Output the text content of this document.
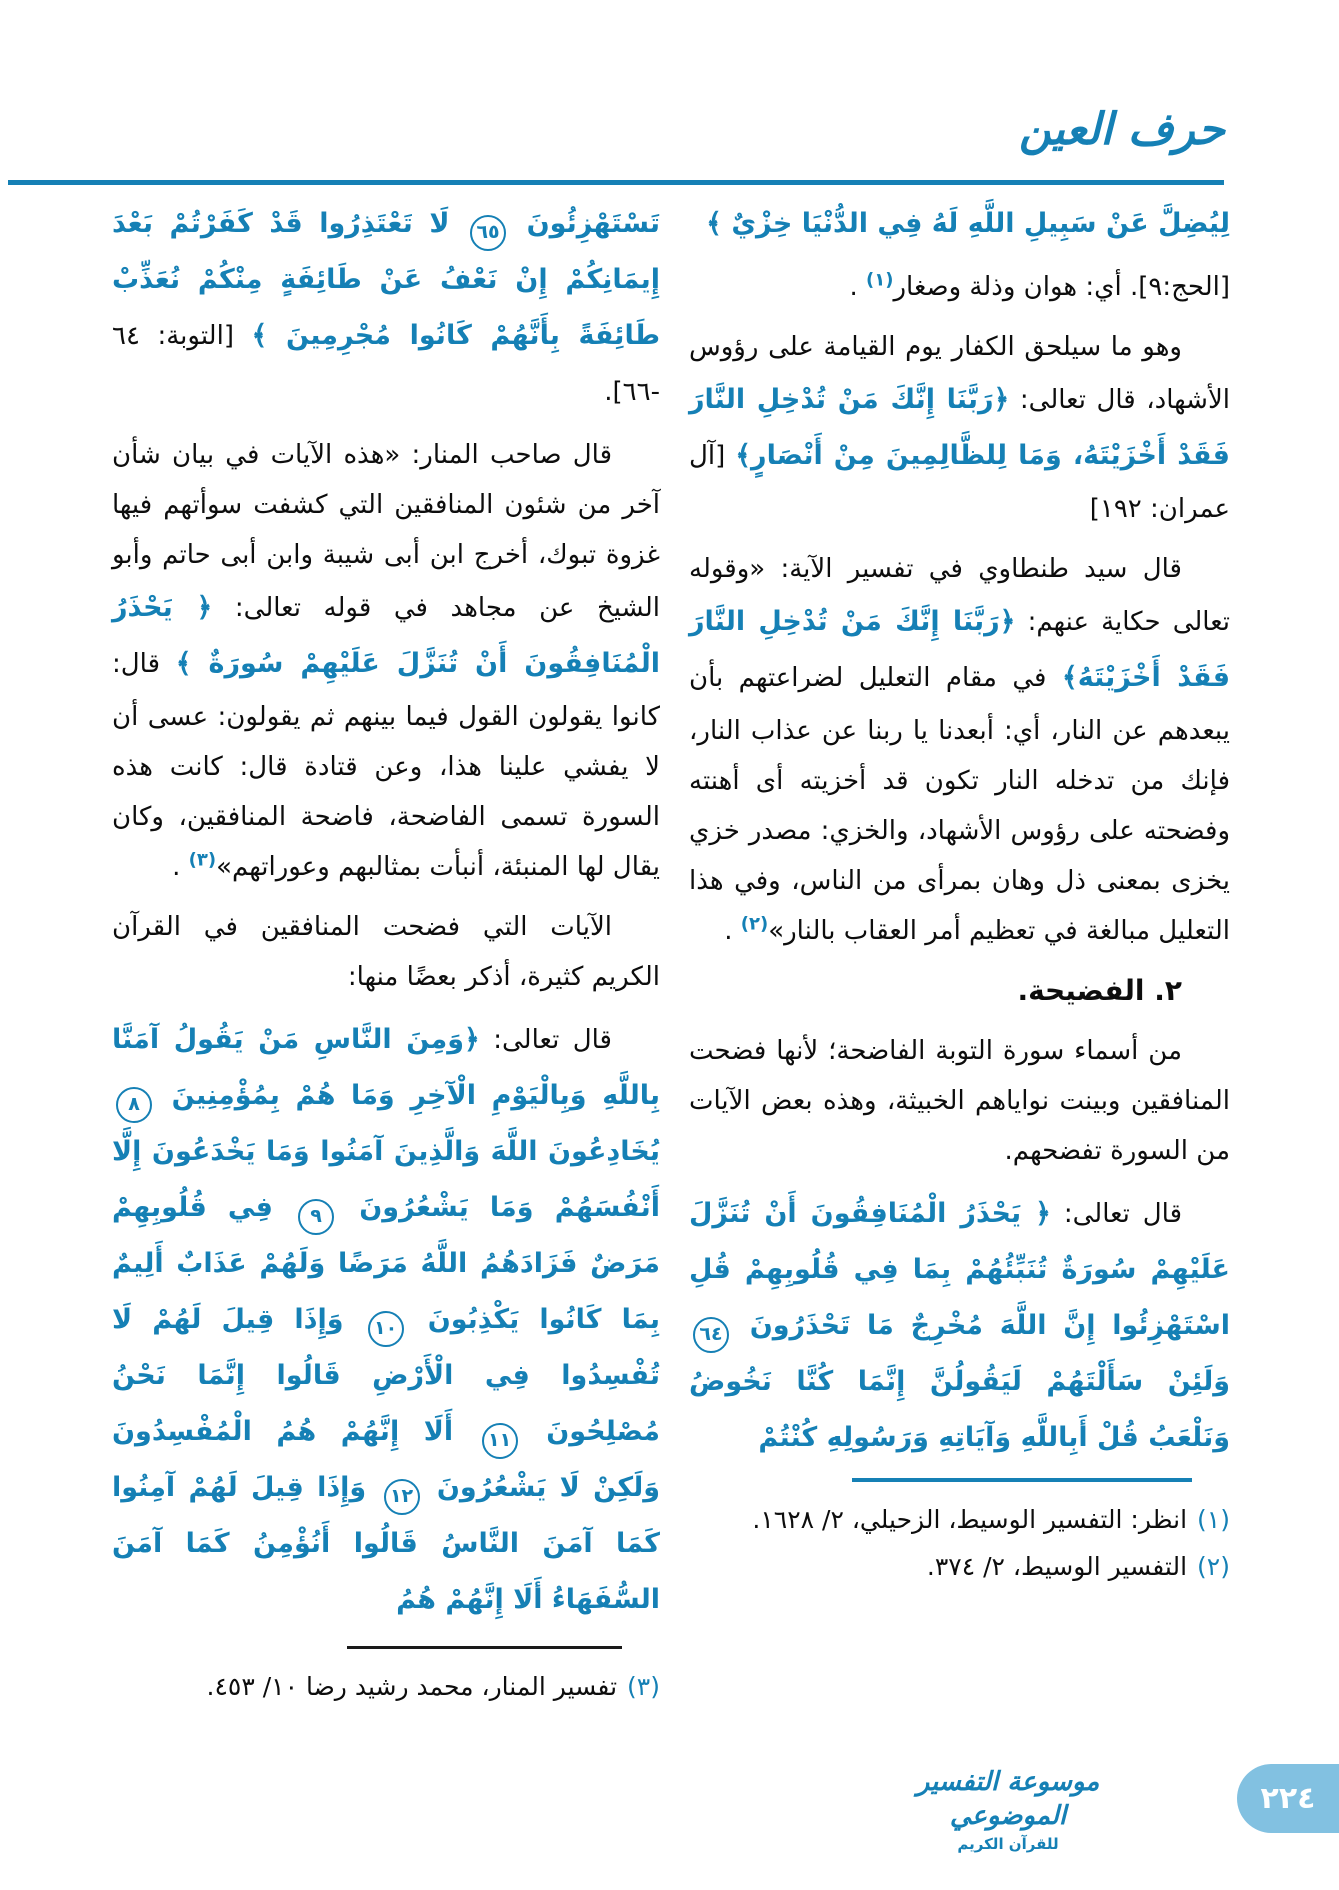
حرف العين

لِيُضِلَّ عَنْ سَبِيلِ اللَّهِ لَهُ فِي الدُّنْيَا خِزْيٌ ﴾

[الحج:٩]. أي: هوان وذلة وصغار$^{(١)}$ .

وهو ما سيلحق الكفار يوم القيامة على رؤوس الأشهاد، قال تعالى: ﴿رَبَّنَا إِنَّكَ مَنْ تُدْخِلِ النَّارَ فَقَدْ أَخْزَيْتَهُ، وَمَا لِلظَّالِمِينَ مِنْ أَنْصَارٍ﴾ [آل عمران: ١٩٢]

قال سيد طنطاوي في تفسير الآية: «وقوله تعالى حكاية عنهم: ﴿رَبَّنَا إِنَّكَ مَنْ تُدْخِلِ النَّارَ فَقَدْ أَخْزَيْتَهُ﴾ في مقام التعليل لضراعتهم بأن يبعدهم عن النار، أي: أبعدنا يا ربنا عن عذاب النار، فإنك من تدخله النار تكون قد أخزيته أى أهنته وفضحته على رؤوس الأشهاد، والخزي: مصدر خزي يخزى بمعنى ذل وهان بمرأى من الناس، وفي هذا التعليل مبالغة في تعظيم أمر العقاب بالنار»$^{(٢)}$ .

٢. الفضيحة.

من أسماء سورة التوبة الفاضحة؛ لأنها فضحت المنافقين وبينت نواياهم الخبيثة، وهذه بعض الآيات من السورة تفضحهم.

قال تعالى: ﴿ يَحْذَرُ الْمُنَافِقُونَ أَنْ تُنَزَّلَ عَلَيْهِمْ سُورَةٌ تُنَبِّئُهُمْ بِمَا فِي قُلُوبِهِمْ قُلِ اسْتَهْزِئُوا إِنَّ اللَّهَ مُخْرِجٌ مَا تَحْذَرُونَ ٦٤ وَلَئِنْ سَأَلْتَهُمْ لَيَقُولُنَّ إِنَّمَا كُنَّا نَخُوضُ وَنَلْعَبُ قُلْ أَبِاللَّهِ وَآيَاتِهِ وَرَسُولِهِ كُنْتُمْ

(١)انظر: التفسير الوسيط، الزحيلي، ٢/ ١٦٢٨.
(٢)التفسير الوسيط، ٢/ ٣٧٤.

تَسْتَهْزِئُونَ ٦٥ لَا تَعْتَذِرُوا قَدْ كَفَرْتُمْ بَعْدَ إِيمَانِكُمْ إِنْ نَعْفُ عَنْ طَائِفَةٍ مِنْكُمْ نُعَذِّبْ طَائِفَةً بِأَنَّهُمْ كَانُوا مُجْرِمِينَ ﴾ [التوبة: ٦٤ -٦٦].

قال صاحب المنار: «هذه الآيات في بيان شأن آخر من شئون المنافقين التي كشفت سوأتهم فيها غزوة تبوك، أخرج ابن أبى شيبة وابن أبى حاتم وأبو الشيخ عن مجاهد في قوله تعالى: ﴿ يَحْذَرُ الْمُنَافِقُونَ أَنْ تُنَزَّلَ عَلَيْهِمْ سُورَةٌ ﴾ قال: كانوا يقولون القول فيما بينهم ثم يقولون: عسى أن لا يفشي علينا هذا، وعن قتادة قال: كانت هذه السورة تسمى الفاضحة، فاضحة المنافقين، وكان يقال لها المنبئة، أنبأت بمثالبهم وعوراتهم»$^{(٣)}$ .

الآيات التي فضحت المنافقين في القرآن الكريم كثيرة، أذكر بعضًا منها:

قال تعالى: ﴿وَمِنَ النَّاسِ مَنْ يَقُولُ آمَنَّا بِاللَّهِ وَبِالْيَوْمِ الْآخِرِ وَمَا هُمْ بِمُؤْمِنِينَ ٨ يُخَادِعُونَ اللَّهَ وَالَّذِينَ آمَنُوا وَمَا يَخْدَعُونَ إِلَّا أَنْفُسَهُمْ وَمَا يَشْعُرُونَ ٩ فِي قُلُوبِهِمْ مَرَضٌ فَزَادَهُمُ اللَّهُ مَرَضًا وَلَهُمْ عَذَابٌ أَلِيمٌ بِمَا كَانُوا يَكْذِبُونَ ١٠ وَإِذَا قِيلَ لَهُمْ لَا تُفْسِدُوا فِي الْأَرْضِ قَالُوا إِنَّمَا نَحْنُ مُصْلِحُونَ ١١ أَلَا إِنَّهُمْ هُمُ الْمُفْسِدُونَ وَلَكِنْ لَا يَشْعُرُونَ ١٢ وَإِذَا قِيلَ لَهُمْ آمِنُوا كَمَا آمَنَ النَّاسُ قَالُوا أَنُؤْمِنُ كَمَا آمَنَ السُّفَهَاءُ أَلَا إِنَّهُمْ هُمُ

(٣)تفسير المنار، محمد رشيد رضا ١٠/ ٤٥٣.
موسوعة التفسير الموضوعي
للقرآن الكريم
٢٢٤
